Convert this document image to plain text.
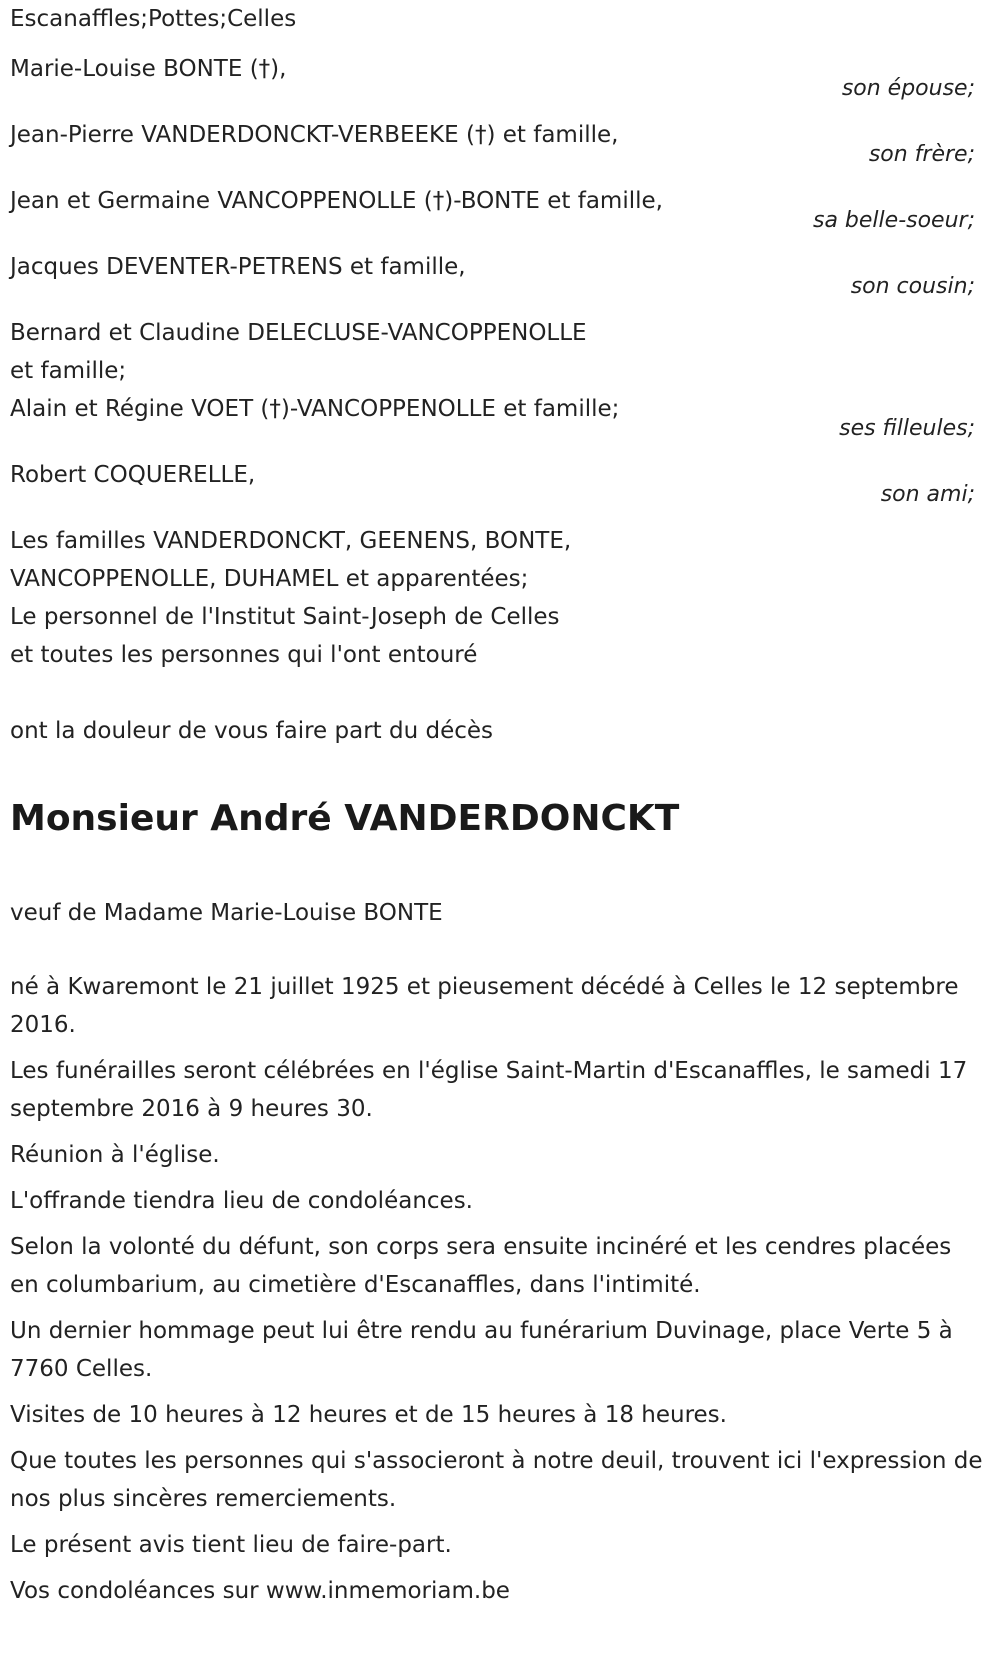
Escanaffles;Pottes;Celles
Marie-Louise BONTE (†),
son épouse;
Jean-Pierre VANDERDONCKT-VERBEEKE (†) et famille,
son frère;
Jean et Germaine VANCOPPENOLLE (†)-BONTE et famille,
sa belle-soeur;
Jacques DEVENTER-PETRENS et famille,
son cousin;
Bernard et Claudine DELECLUSE-VANCOPPENOLLE
et famille;
Alain et Régine VOET (†)-VANCOPPENOLLE et famille;
ses filleules;
Robert COQUERELLE,
son ami;
Les familles VANDERDONCKT, GEENENS, BONTE,
VANCOPPENOLLE, DUHAMEL et apparentées;
Le personnel de l'Institut Saint-Joseph de Celles
et toutes les personnes qui l'ont entouré
ont la douleur de vous faire part du décès
Monsieur André VANDERDONCKT
veuf de Madame Marie-Louise BONTE
né à Kwaremont le 21 juillet 1925 et pieusement décédé à Celles le 12 septembre 2016.
Les funérailles seront célébrées en l'église Saint-Martin d'Escanaffles, le samedi 17 septembre 2016 à 9 heures 30.
Réunion à l'église.
L'offrande tiendra lieu de condoléances.
Selon la volonté du défunt, son corps sera ensuite incinéré et les cendres placées en columbarium, au cimetière d'Escanaffles, dans l'intimité.
Un dernier hommage peut lui être rendu au funérarium Duvinage, place Verte 5 à 7760 Celles.
Visites de 10 heures à 12 heures et de 15 heures à 18 heures.
Que toutes les personnes qui s'associeront à notre deuil, trouvent ici l'expression de nos plus sincères remerciements.
Le présent avis tient lieu de faire-part.
Vos condoléances sur www.inmemoriam.be
